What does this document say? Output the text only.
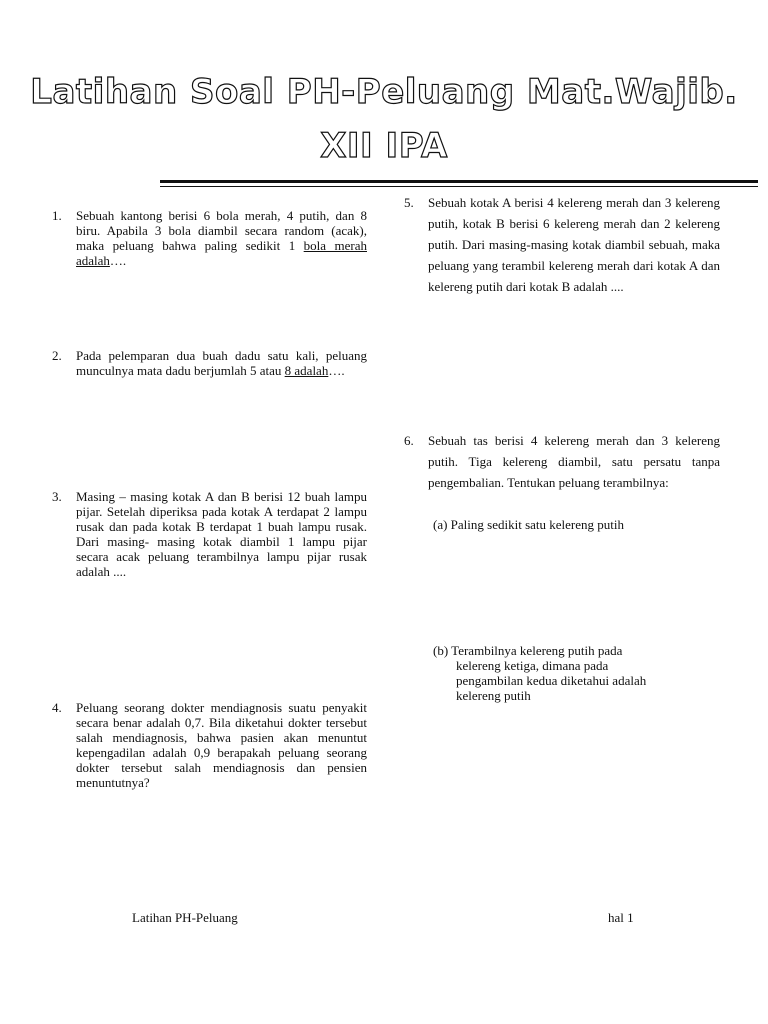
Latihan Soal PH-Peluang Mat.Wajib.
XII IPA
1. Sebuah kantong berisi 6 bola merah, 4 putih, dan 8 biru. Apabila 3 bola diambil secara random (acak), maka peluang bahwa paling sedikit 1 bola merah adalah….
2. Pada pelemparan dua buah dadu satu kali, peluang munculnya mata dadu berjumlah 5 atau 8 adalah….
3. Masing – masing kotak A dan B berisi 12 buah lampu pijar. Setelah diperiksa pada kotak A terdapat 2 lampu rusak dan pada kotak B terdapat 1 buah lampu rusak. Dari masing- masing kotak diambil 1 lampu pijar secara acak peluang terambilnya lampu pijar rusak adalah ....
4. Peluang seorang dokter mendiagnosis suatu penyakit secara benar adalah 0,7. Bila diketahui dokter tersebut salah mendiagnosis, bahwa pasien akan menuntut kepengadilan adalah 0,9 berapakah peluang seorang dokter tersebut salah mendiagnosis dan pensien menuntutnya?
5. Sebuah kotak A berisi 4 kelereng merah dan 3 kelereng putih, kotak B berisi 6 kelereng merah dan 2 kelereng putih. Dari masing-masing kotak diambil sebuah, maka peluang yang terambil kelereng merah dari kotak A dan kelereng putih dari kotak B adalah ....
6. Sebuah tas berisi 4 kelereng merah dan 3 kelereng putih. Tiga kelereng diambil, satu persatu tanpa pengembalian. Tentukan peluang terambilnya:
(a) Paling sedikit satu kelereng putih
(b) Terambilnya kelereng putih pada
kelereng ketiga, dimana pada
pengambilan kedua diketahui adalah
kelereng putih
Latihan PH-Peluang	hal 1
